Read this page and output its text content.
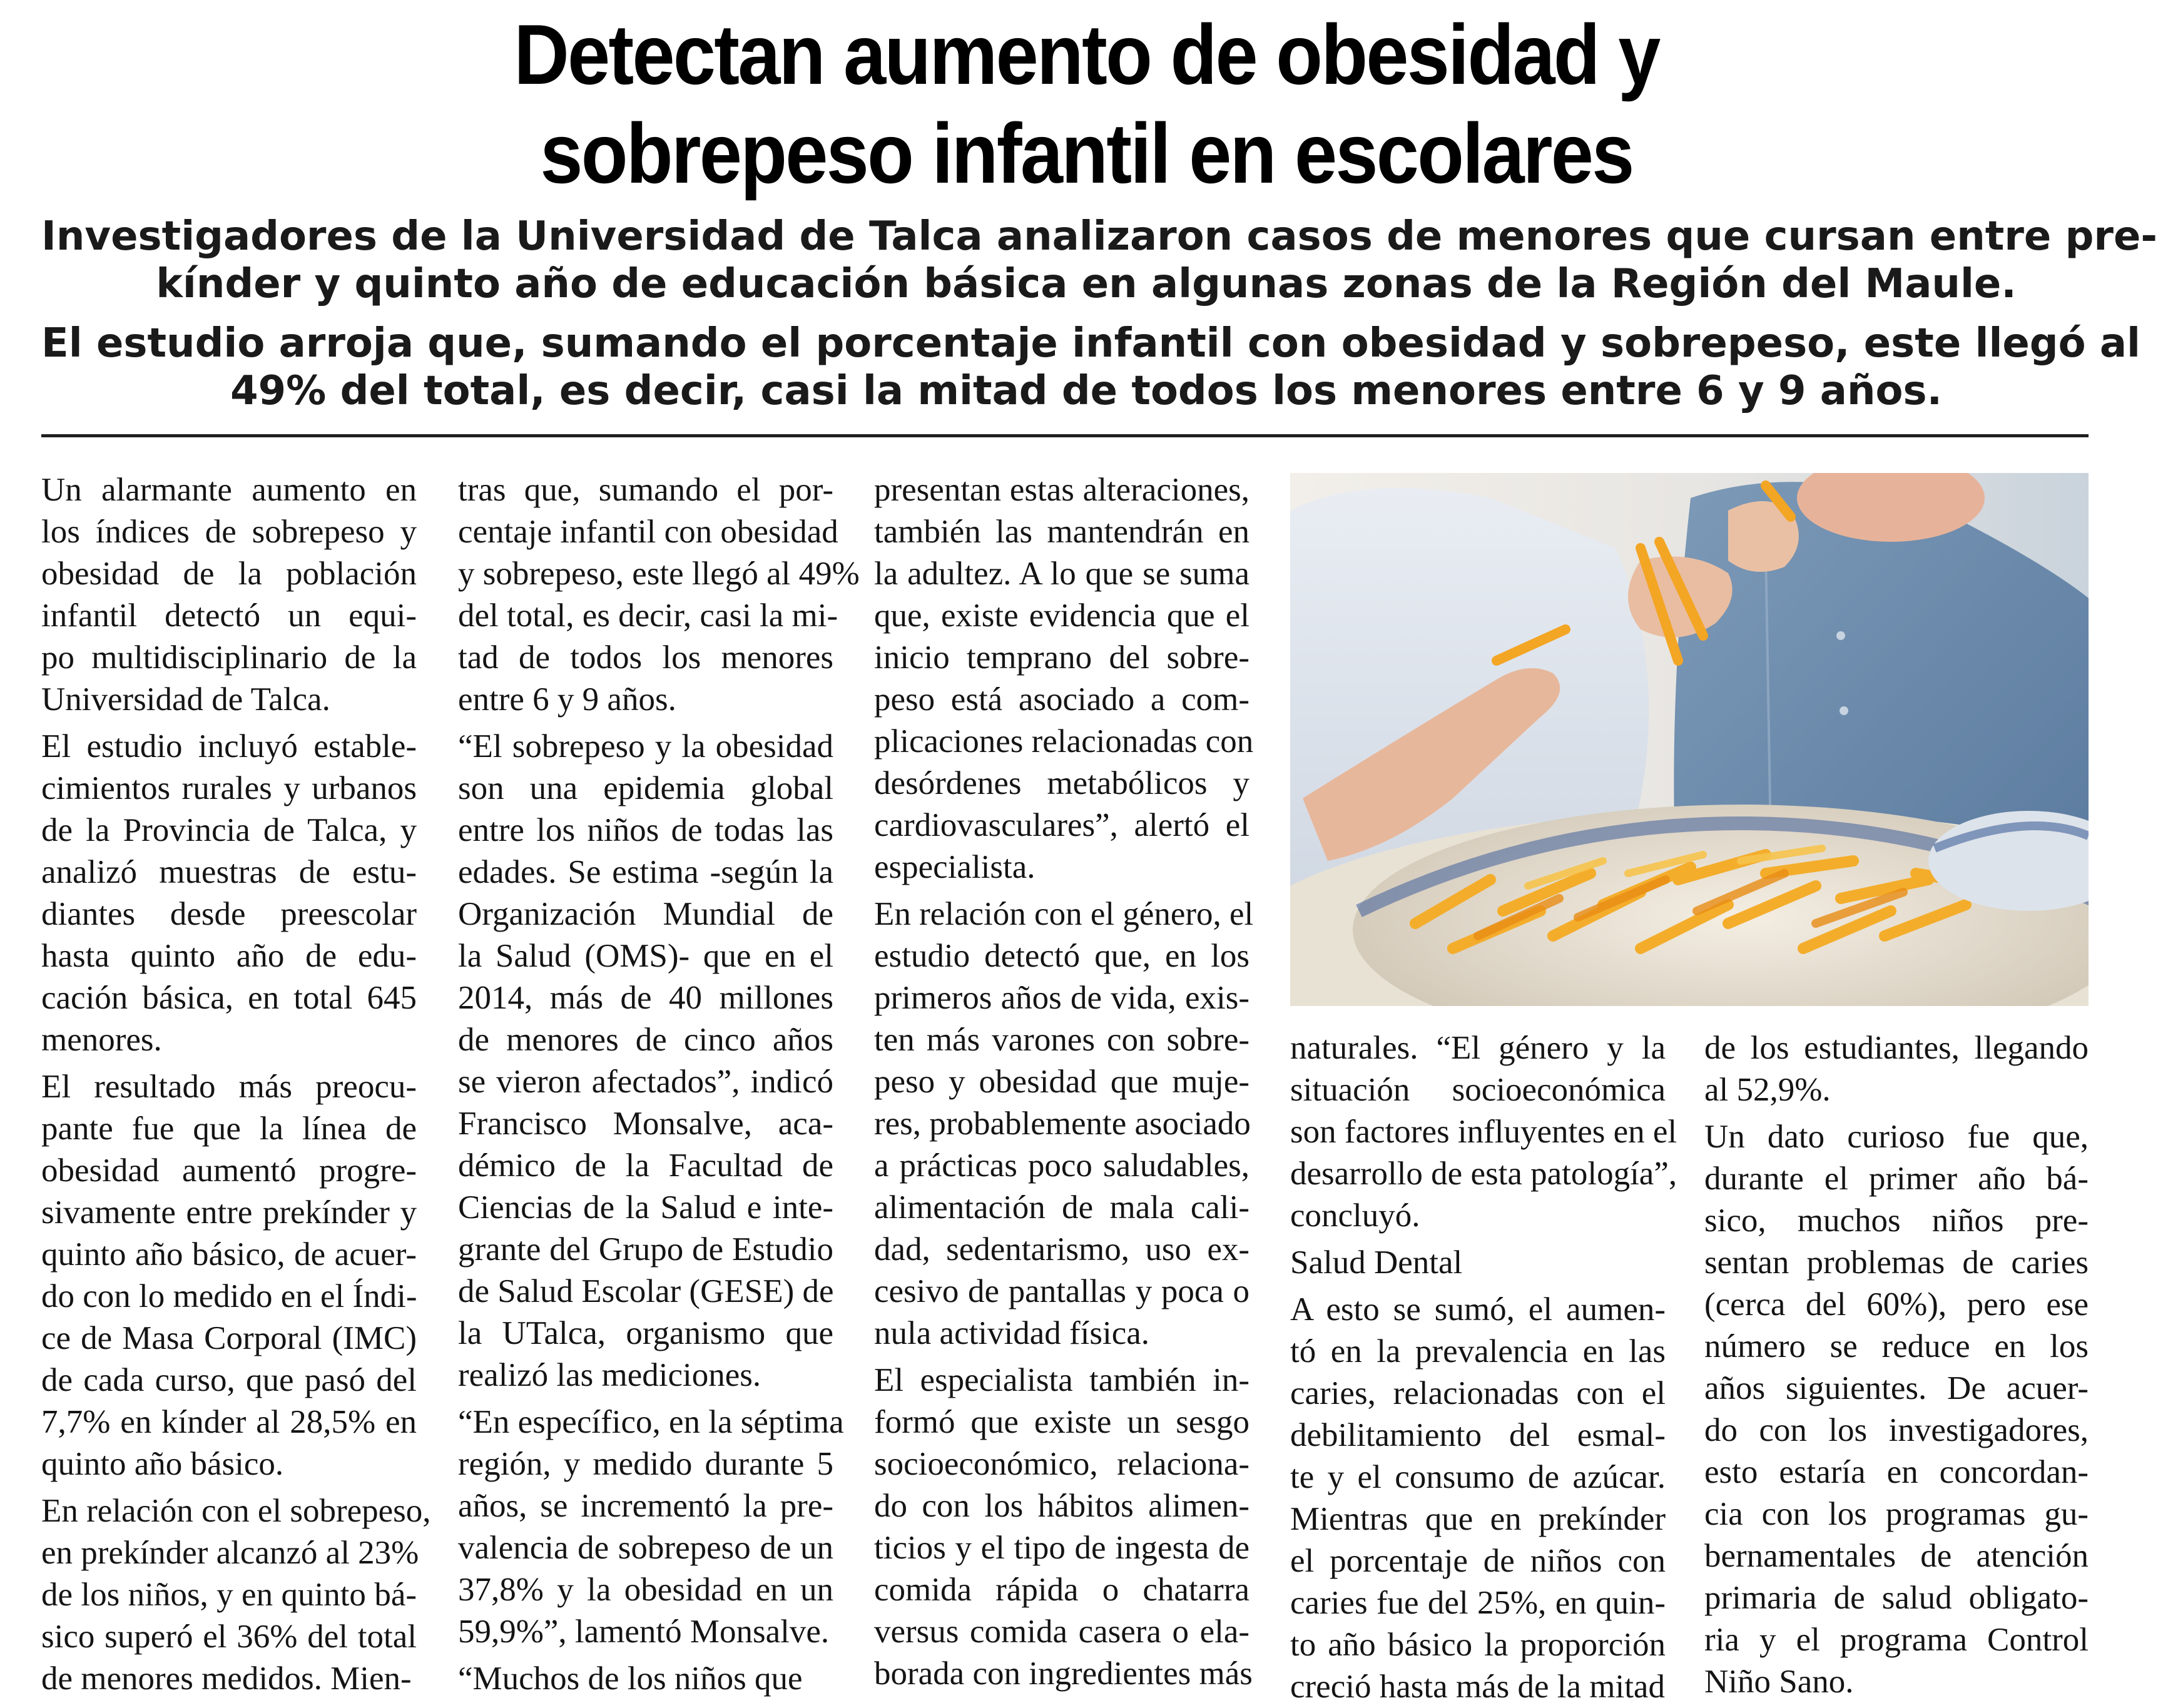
Detectan aumento de obesidad y
sobrepeso infantil en escolares
Investigadores de la Universidad de Talca analizaron casos de menores que cursan entre pre-
kínder y quinto año de educación básica en algunas zonas de la Región del Maule.
El estudio arroja que, sumando el porcentaje infantil con obesidad y sobrepeso, este llegó al
49% del total, es decir, casi la mitad de todos los menores entre 6 y 9 años.
Un alarmante aumento en
los índices de sobrepeso y
obesidad de la población
infantil detectó un equi-
po multidisciplinario de la
Universidad de Talca.
El estudio incluyó estable-
cimientos rurales y urbanos
de la Provincia de Talca, y
analizó muestras de estu-
diantes desde preescolar
hasta quinto año de edu-
cación básica, en total 645
menores.
El resultado más preocu-
pante fue que la línea de
obesidad aumentó progre-
sivamente entre prekínder y
quinto año básico, de acuer-
do con lo medido en el Índi-
ce de Masa Corporal (IMC)
de cada curso, que pasó del
7,7% en kínder al 28,5% en
quinto año básico.
En relación con el sobrepeso,
en prekínder alcanzó al 23%
de los niños, y en quinto bá-
sico superó el 36% del total
de menores medidos. Mien-
tras que, sumando el por-
centaje infantil con obesidad
y sobrepeso, este llegó al 49%
del total, es decir, casi la mi-
tad de todos los menores
entre 6 y 9 años.
“El sobrepeso y la obesidad
son una epidemia global
entre los niños de todas las
edades. Se estima -según la
Organización Mundial de
la Salud (OMS)- que en el
2014, más de 40 millones
de menores de cinco años
se vieron afectados”, indicó
Francisco Monsalve, aca-
démico de la Facultad de
Ciencias de la Salud e inte-
grante del Grupo de Estudio
de Salud Escolar (GESE) de
la UTalca, organismo que
realizó las mediciones.
“En específico, en la séptima
región, y medido durante 5
años, se incrementó la pre-
valencia de sobrepeso de un
37,8% y la obesidad en un
59,9%”, lamentó Monsalve.
“Muchos de los niños que
presentan estas alteraciones,
también las mantendrán en
la adultez. A lo que se suma
que, existe evidencia que el
inicio temprano del sobre-
peso está asociado a com-
plicaciones relacionadas con
desórdenes metabólicos y
cardiovasculares”, alertó el
especialista.
En relación con el género, el
estudio detectó que, en los
primeros años de vida, exis-
ten más varones con sobre-
peso y obesidad que muje-
res, probablemente asociado
a prácticas poco saludables,
alimentación de mala cali-
dad, sedentarismo, uso ex-
cesivo de pantallas y poca o
nula actividad física.
El especialista también in-
formó que existe un sesgo
socioeconómico, relaciona-
do con los hábitos alimen-
ticios y el tipo de ingesta de
comida rápida o chatarra
versus comida casera o ela-
borada con ingredientes más
naturales. “El género y la
situación socioeconómica
son factores influyentes en el
desarrollo de esta patología”,
concluyó.
Salud Dental
A esto se sumó, el aumen-
tó en la prevalencia en las
caries, relacionadas con el
debilitamiento del esmal-
te y el consumo de azúcar.
Mientras que en prekínder
el porcentaje de niños con
caries fue del 25%, en quin-
to año básico la proporción
creció hasta más de la mitad
de los estudiantes, llegando
al 52,9%.
Un dato curioso fue que,
durante el primer año bá-
sico, muchos niños pre-
sentan problemas de caries
(cerca del 60%), pero ese
número se reduce en los
años siguientes. De acuer-
do con los investigadores,
esto estaría en concordan-
cia con los programas gu-
bernamentales de atención
primaria de salud obligato-
ria y el programa Control
Niño Sano.
